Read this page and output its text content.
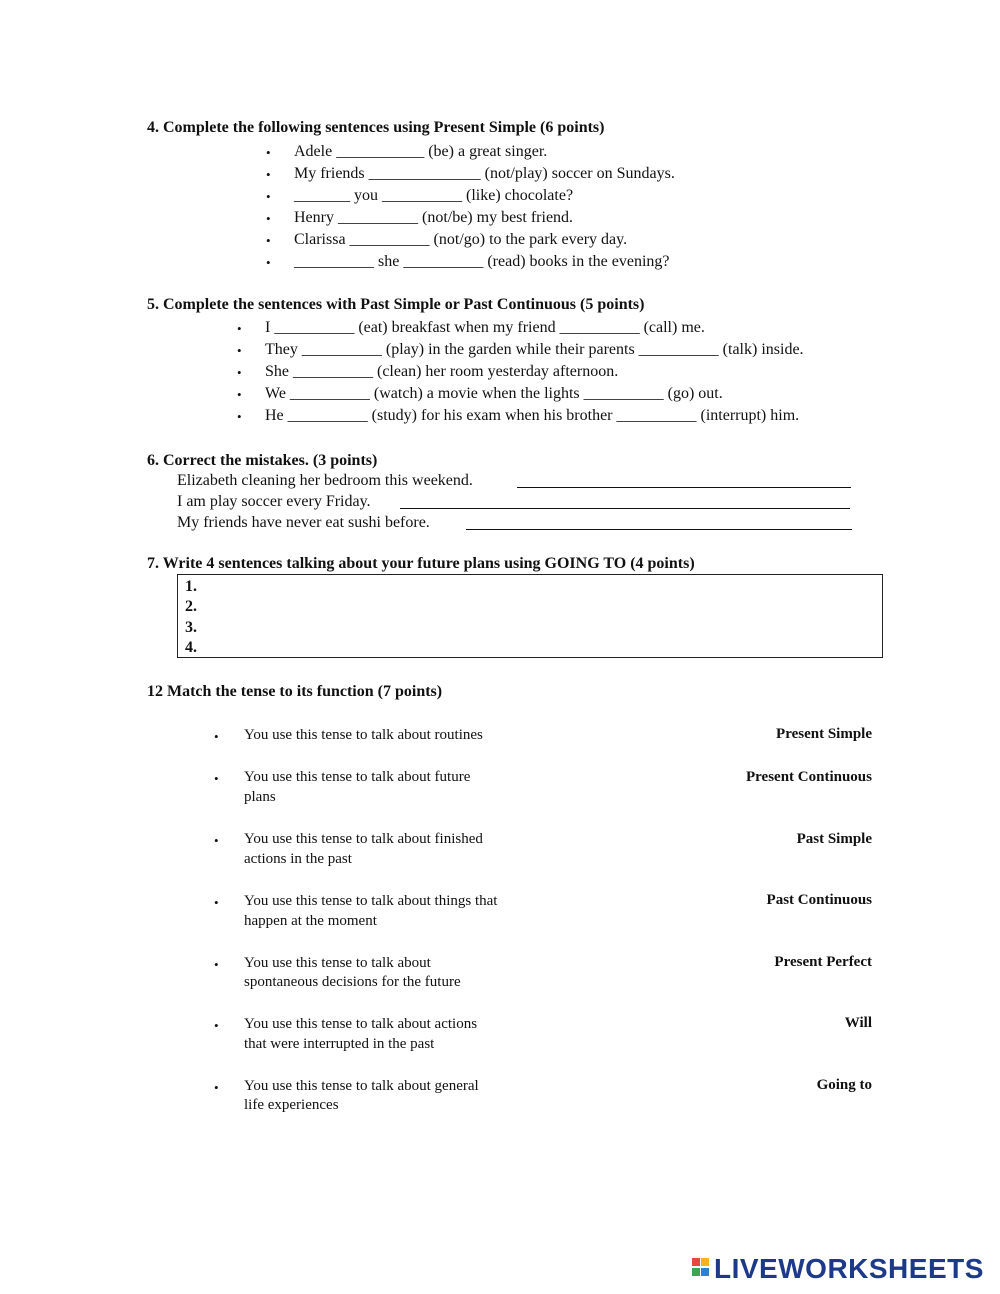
4. Complete the following sentences using Present Simple (6 points)
• Adele ___________ (be) a great singer.
• My friends ______________ (not/play) soccer on Sundays.
• _______ you __________ (like) chocolate?
• Henry __________ (not/be) my best friend.
• Clarissa __________ (not/go) to the park every day.
• __________ she __________ (read) books in the evening?
5. Complete the sentences with Past Simple or Past Continuous (5 points)
• I __________ (eat) breakfast when my friend __________ (call) me.
• They __________ (play) in the garden while their parents __________ (talk) inside.
• She __________ (clean) her room yesterday afternoon.
• We __________ (watch) a movie when the lights __________ (go) out.
• He __________ (study) for his exam when his brother __________ (interrupt) him.
6. Correct the mistakes. (3 points)
Elizabeth cleaning her bedroom this weekend.
I am play soccer every Friday.
My friends have never eat sushi before.
7. Write 4 sentences talking about your future plans using GOING TO (4 points)
1.
2.
3.
4.
12 Match the tense to its function (7 points)
• You use this tense to talk about routines	Present Simple
• You use this tense to talk about future
plans
Present Continuous
• You use this tense to talk about finished
actions in the past
Past Simple
• You use this tense to talk about things that
happen at the moment
Past Continuous
• You use this tense to talk about
spontaneous decisions for the future
Present Perfect
• You use this tense to talk about actions
that were interrupted in the past
Will
• You use this tense to talk about general
life experiences
Going to
LIVEWORKSHEETS
